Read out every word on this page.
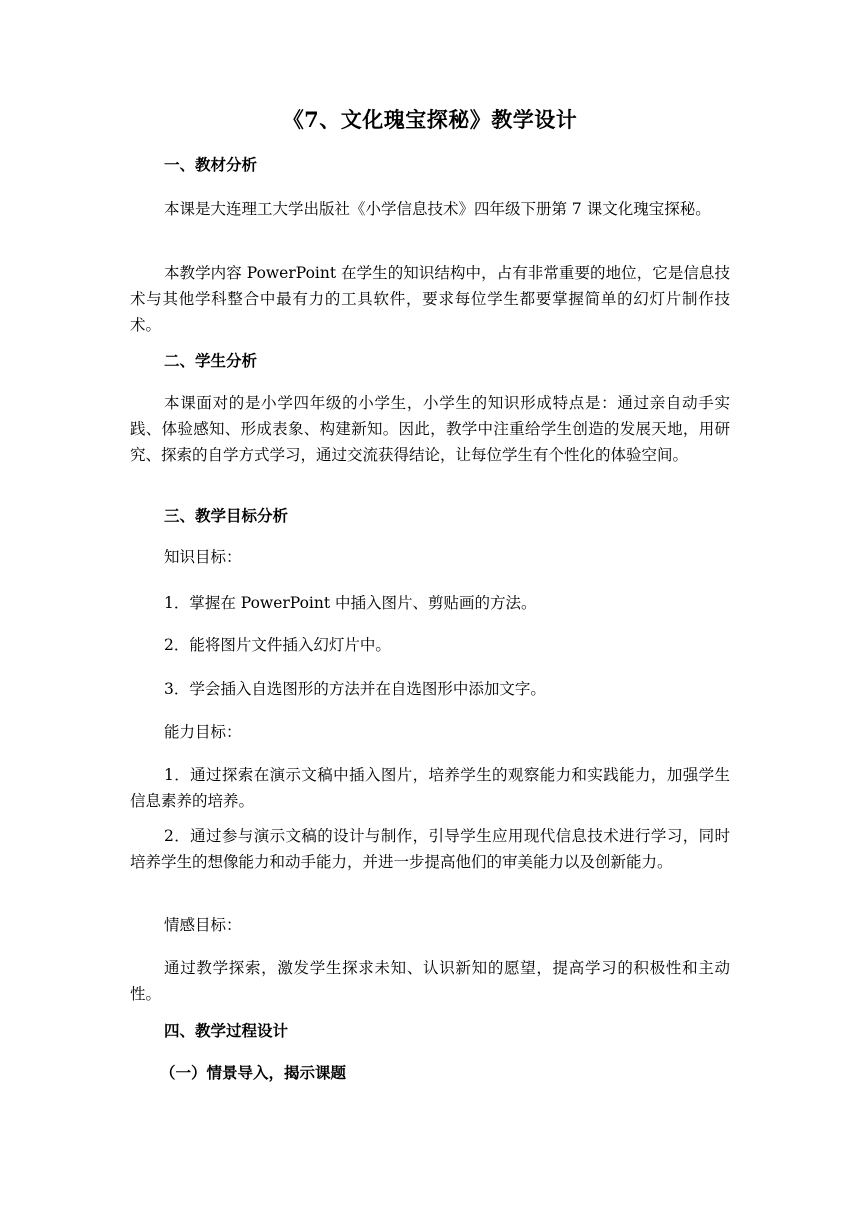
《7、文化瑰宝探秘》教学设计
一、教材分析
本课是大连理工大学出版社《小学信息技术》四年级下册第 7 课文化瑰宝探秘。
本教学内容 PowerPoint 在学生的知识结构中，占有非常重要的地位，它是信息技术与其他学科整合中最有力的工具软件，要求每位学生都要掌握简单的幻灯片制作技术。
二、学生分析
本课面对的是小学四年级的小学生，小学生的知识形成特点是：通过亲自动手实践、体验感知、形成表象、构建新知。因此，教学中注重给学生创造的发展天地，用研究、探索的自学方式学习，通过交流获得结论，让每位学生有个性化的体验空间。
三、教学目标分析
知识目标：
1．掌握在 PowerPoint 中插入图片、剪贴画的方法。
2．能将图片文件插入幻灯片中。
3．学会插入自选图形的方法并在自选图形中添加文字。
能力目标：
1．通过探索在演示文稿中插入图片，培养学生的观察能力和实践能力，加强学生信息素养的培养。
2．通过参与演示文稿的设计与制作，引导学生应用现代信息技术进行学习，同时培养学生的想像能力和动手能力，并进一步提高他们的审美能力以及创新能力。
情感目标：
通过教学探索，激发学生探求未知、认识新知的愿望，提高学习的积极性和主动性。
四、教学过程设计
（一）情景导入，揭示课题
